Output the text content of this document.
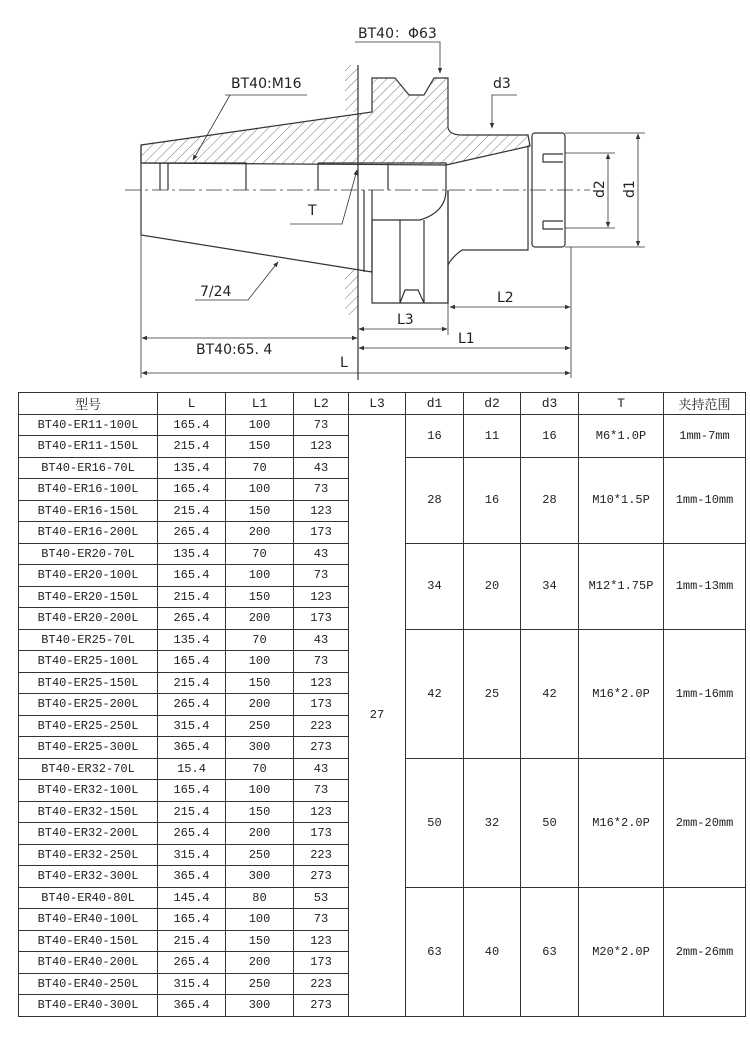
BT40：Φ63
BT40:M16	d3
T
7/24
L3
L2
L1
BT40:65. 4
L
d2 d1
型号	L	L1	L2	L3	d1	d2	d3	T	夹持范围
BT40-ER11-100L	165.4	100	73	27	16	11	16	M6*1.0P	1mm-7mm
BT40-ER11-150L	215.4	150	123						
BT40-ER16-70L	135.4	70	43		28	16	28	M10*1.5P	1mm-10mm
BT40-ER16-100L	165.4	100	73						
BT40-ER16-150L	215.4	150	123						
BT40-ER16-200L	265.4	200	173						
BT40-ER20-70L	135.4	70	43		34	20	34	M12*1.75P	1mm-13mm
BT40-ER20-100L	165.4	100	73						
BT40-ER20-150L	215.4	150	123						
BT40-ER20-200L	265.4	200	173						
BT40-ER25-70L	135.4	70	43		42	25	42	M16*2.0P	1mm-16mm
BT40-ER25-100L	165.4	100	73						
BT40-ER25-150L	215.4	150	123						
BT40-ER25-200L	265.4	200	173						
BT40-ER25-250L	315.4	250	223						
BT40-ER25-300L	365.4	300	273						
BT40-ER32-70L	15.4	70	43		50	32	50	M16*2.0P	2mm-20mm
BT40-ER32-100L	165.4	100	73						
BT40-ER32-150L	215.4	150	123						
BT40-ER32-200L	265.4	200	173						
BT40-ER32-250L	315.4	250	223						
BT40-ER32-300L	365.4	300	273						
BT40-ER40-80L	145.4	80	53		63	40	63	M20*2.0P	2mm-26mm
BT40-ER40-100L	165.4	100	73						
BT40-ER40-150L	215.4	150	123						
BT40-ER40-200L	265.4	200	173						
BT40-ER40-250L	315.4	250	223						
BT40-ER40-300L	365.4	300	273						
